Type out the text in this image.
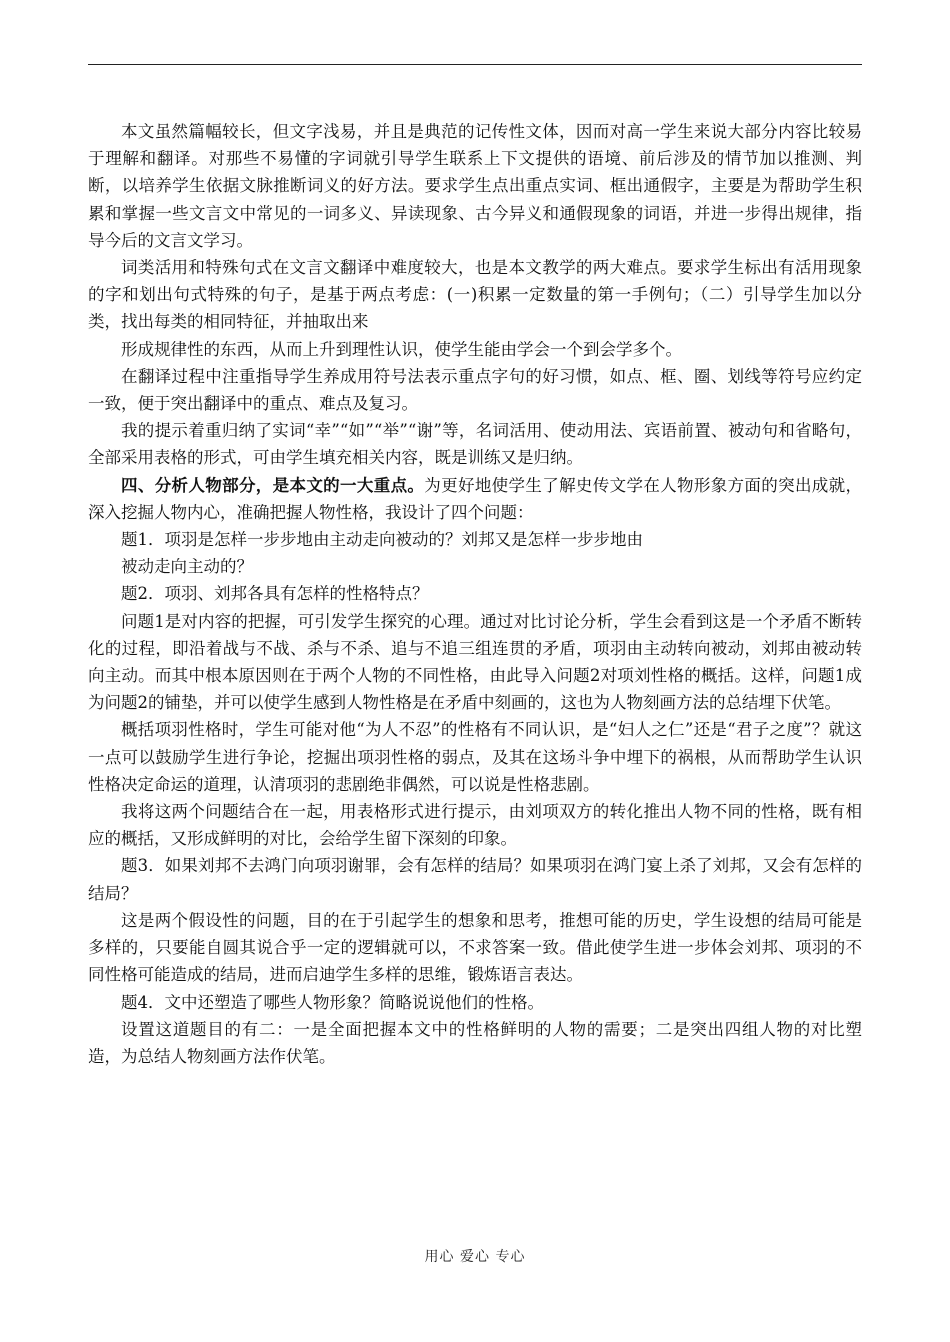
本文虽然篇幅较长，但文字浅易，并且是典范的记传性文体，因而对高一学生来说大部分内容比较易于理解和翻译。对那些不易懂的字词就引导学生联系上下文提供的语境、前后涉及的情节加以推测、判断，以培养学生依据文脉推断词义的好方法。要求学生点出重点实词、框出通假字，主要是为帮助学生积累和掌握一些文言文中常见的一词多义、异读现象、古今异义和通假现象的词语，并进一步得出规律，指导今后的文言文学习。

词类活用和特殊句式在文言文翻译中难度较大，也是本文教学的两大难点。要求学生标出有活用现象的字和划出句式特殊的句子，是基于两点考虑：(一)积累一定数量的第一手例句；（二）引导学生加以分类，找出每类的相同特征，并抽取出来

形成规律性的东西，从而上升到理性认识，使学生能由学会一个到会学多个。

在翻译过程中注重指导学生养成用符号法表示重点字句的好习惯，如点、框、圈、划线等符号应约定一致，便于突出翻译中的重点、难点及复习。

我的提示着重归纳了实词“幸”“如”“举”“谢”等，名词活用、使动用法、宾语前置、被动句和省略句，全部采用表格的形式，可由学生填充相关内容，既是训练又是归纳。

四、分析人物部分，是本文的一大重点。为更好地使学生了解史传文学在人物形象方面的突出成就，深入挖掘人物内心，准确把握人物性格，我设计了四个问题：

题1．项羽是怎样一步步地由主动走向被动的？刘邦又是怎样一步步地由

被动走向主动的？

题2．项羽、刘邦各具有怎样的性格特点？

问题1是对内容的把握，可引发学生探究的心理。通过对比讨论分析，学生会看到这是一个矛盾不断转化的过程，即沿着战与不战、杀与不杀、追与不追三组连贯的矛盾，项羽由主动转向被动，刘邦由被动转向主动。而其中根本原因则在于两个人物的不同性格，由此导入问题2对项刘性格的概括。这样，问题1成为问题2的铺垫，并可以使学生感到人物性格是在矛盾中刻画的，这也为人物刻画方法的总结埋下伏笔。

概括项羽性格时，学生可能对他“为人不忍”的性格有不同认识，是“妇人之仁”还是“君子之度”？就这一点可以鼓励学生进行争论，挖掘出项羽性格的弱点，及其在这场斗争中埋下的祸根，从而帮助学生认识性格决定命运的道理，认清项羽的悲剧绝非偶然，可以说是性格悲剧。

我将这两个问题结合在一起，用表格形式进行提示，由刘项双方的转化推出人物不同的性格，既有相应的概括，又形成鲜明的对比，会给学生留下深刻的印象。

题3．如果刘邦不去鸿门向项羽谢罪，会有怎样的结局？如果项羽在鸿门宴上杀了刘邦，又会有怎样的结局？

这是两个假设性的问题，目的在于引起学生的想象和思考，推想可能的历史，学生设想的结局可能是多样的，只要能自圆其说合乎一定的逻辑就可以，不求答案一致。借此使学生进一步体会刘邦、项羽的不同性格可能造成的结局，进而启迪学生多样的思维，锻炼语言表达。

题4．文中还塑造了哪些人物形象？简略说说他们的性格。

设置这道题目的有二：一是全面把握本文中的性格鲜明的人物的需要；二是突出四组人物的对比塑造，为总结人物刻画方法作伏笔。

用心 爱心 专心
